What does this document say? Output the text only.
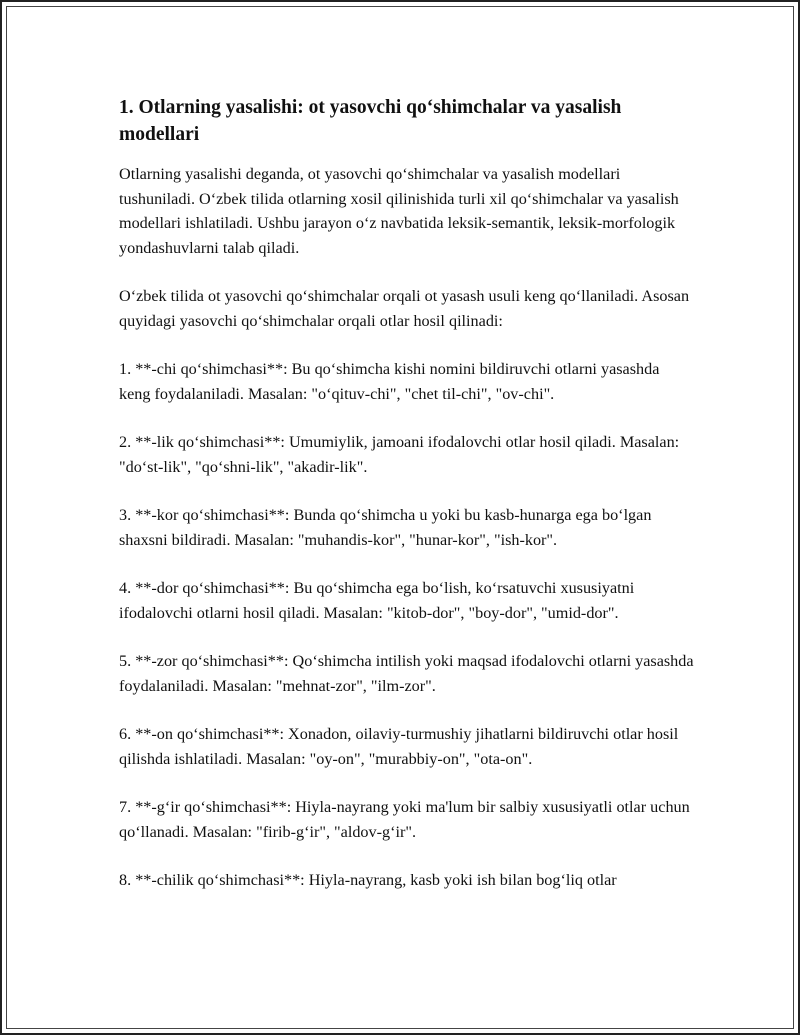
1. Otlarning yasalishi: ot yasovchi qo‘shimchalar va yasalish modellari

Otlarning yasalishi deganda, ot yasovchi qo‘shimchalar va yasalish modellari tushuniladi. O‘zbek tilida otlarning xosil qilinishida turli xil qo‘shimchalar va yasalish modellari ishlatiladi. Ushbu jarayon o‘z navbatida leksik-semantik, leksik-morfologik yondashuvlarni talab qiladi.

O‘zbek tilida ot yasovchi qo‘shimchalar orqali ot yasash usuli keng qo‘llaniladi. Asosan quyidagi yasovchi qo‘shimchalar orqali otlar hosil qilinadi:

1. **-chi qo‘shimchasi**: Bu qo‘shimcha kishi nomini bildiruvchi otlarni yasashda keng foydalaniladi. Masalan: "o‘qituv-chi", "chet til-chi", "ov-chi".

2. **-lik qo‘shimchasi**: Umumiylik, jamoani ifodalovchi otlar hosil qiladi. Masalan: "do‘st-lik", "qo‘shni-lik", "akadir-lik".

3. **-kor qo‘shimchasi**: Bunda qo‘shimcha u yoki bu kasb-hunarga ega bo‘lgan shaxsni bildiradi. Masalan: "muhandis-kor", "hunar-kor", "ish-kor".

4. **-dor qo‘shimchasi**: Bu qo‘shimcha ega bo‘lish, ko‘rsatuvchi xususiyatni ifodalovchi otlarni hosil qiladi. Masalan: "kitob-dor", "boy-dor", "umid-dor".

5. **-zor qo‘shimchasi**: Qo‘shimcha intilish yoki maqsad ifodalovchi otlarni yasashda foydalaniladi. Masalan: "mehnat-zor", "ilm-zor".

6. **-on qo‘shimchasi**: Xonadon, oilaviy-turmushiy jihatlarni bildiruvchi otlar hosil qilishda ishlatiladi. Masalan: "oy-on", "murabbiy-on", "ota-on".

7. **-g‘ir qo‘shimchasi**: Hiyla-nayrang yoki ma'lum bir salbiy xususiyatli otlar uchun qo‘llanadi. Masalan: "firib-g‘ir", "aldov-g‘ir".

8. **-chilik qo‘shimchasi**: Hiyla-nayrang, kasb yoki ish bilan bog‘liq otlar
